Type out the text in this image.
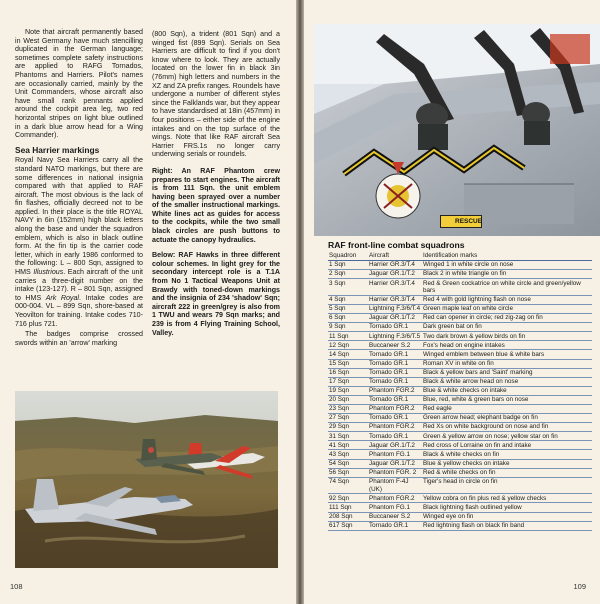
Note that aircraft permanently based in West Germany have much stencilling duplicated in the German language; sometimes complete safety instructions are applied to RAFG Tornados, Phantoms and Harriers. Pilot's names are occasionally carried, mainly by the Unit Commanders, whose aircraft also have small rank pennants applied around the cockpit area leg, two red horizontal stripes on light blue outlined in a dark blue arrow head for a Wing Commander).

Sea Harrier markings

Royal Navy Sea Harriers carry all the standard NATO markings, but there are some differences in national insignia compared with that applied to RAF aircraft. The most obvious is the lack of fin flashes, officially decreed not to be applied. In their place is the title ROYAL NAVY in 6in (152mm) high black letters along the base and under the squadron emblem, which is also in black outline form. At the fin tip is the carrier code letter, which in early 1986 conformed to the following: L – 800 Sqn, assigned to HMS Illustrious. Each aircraft of the unit carries a three-digit number on the intake (123-127). R – 801 Sqn, assigned to HMS Ark Royal. Intake codes are 000-004. VL – 899 Sqn, shore-based at Yeovilton for training. Intake codes 710-716 plus 721.

The badges comprise crossed swords within an 'arrow' marking

(800 Sqn), a trident (801 Sqn) and a winged fist (899 Sqn). Serials on Sea Harriers are difficult to find if you don't know where to look. They are actually located on the lower fin in black 3in (76mm) high letters and numbers in the XZ and ZA prefix ranges. Roundels have undergone a number of different styles since the Falklands war, but they appear to have standardised at 18in (457mm) in four positions – either side of the engine intakes and on the top surface of the wings. Note that like RAF aircraft Sea Harrier FRS.1s no longer carry underwing serials or roundels.

Right: An RAF Phantom crew prepares to start engines. The aircraft is from 111 Sqn. the unit emblem having been sprayed over a number of the smaller instructional markings. White lines act as guides for access to the cockpits, while the two small black circles are push buttons to actuate the canopy hydraulics.

Below: RAF Hawks in three different colour schemes. In light grey for the secondary intercept role is a T.1A from No 1 Tactical Weapons Unit at Brawdy with toned-down markings and the insignia of 234 'shadow' Sqn; aircraft 222 in green/grey is also from 1 TWU and wears 79 Sqn marks; and 239 is from 4 Flying Training School, Valley.

108
RESCUE
RAF front-line combat squadrons
Squadron	Aircraft	Identification marks
1 Sqn	Harrier GR.3/T.4	Winged 1 in white circle on nose
2 Sqn	Jaguar GR.1/T.2	Black 2 in white triangle on fin
3 Sqn	Harrier GR.3/T.4	Red & Green cockatrice on white circle and green/yellow bars
4 Sqn	Harrier GR.3/T.4	Red 4 with gold lightning flash on nose
5 Sqn	Lightning F.3/6/T.4	Green maple leaf on white circle
6 Sqn	Jaguar GR.1/T.2	Red can opener in circle; red zig-zag on fin
9 Sqn	Tornado GR.1	Dark green bat on fin
11 Sqn	Lightning F.3/6/T.5	Two dark brown & yellow birds on fin
12 Sqn	Buccaneer S.2	Fox's head on engine intakes
14 Sqn	Tornado GR.1	Winged emblem between blue & white bars
15 Sqn	Tornado GR.1	Roman XV in white on fin
16 Sqn	Tornado GR.1	Black & yellow bars and 'Saint' marking
17 Sqn	Tornado GR.1	Black & white arrow head on nose
19 Sqn	Phantom FGR.2	Blue & white checks on intake
20 Sqn	Tornado GR.1	Blue, red, white & green bars on nose
23 Sqn	Phantom FGR.2	Red eagle
27 Sqn	Tornado GR.1	Green arrow head; elephant badge on fin
29 Sqn	Phantom FGR.2	Red Xs on white background on nose and fin
31 Sqn	Tornado GR.1	Green & yellow arrow on nose; yellow star on fin
41 Sqn	Jaguar GR.1/T.2	Red cross of Lorraine on fin and intake
43 Sqn	Phantom FG.1	Black & white checks on fin
54 Sqn	Jaguar GR.1/T.2	Blue & yellow checks on intake
56 Sqn	Phantom FGR. 2	Red & white checks on fin
74 Sqn	Phantom F-4J (UK)	Tiger's head in circle on fin
92 Sqn	Phantom FGR.2	Yellow cobra on fin plus red & yellow checks
111 Sqn	Phantom FG.1	Black lightning flash outlined yellow
208 Sqn	Buccaneer S.2	Winged eye on fin
617 Sqn	Tornado GR.1	Red lightning flash on black fin band
109
